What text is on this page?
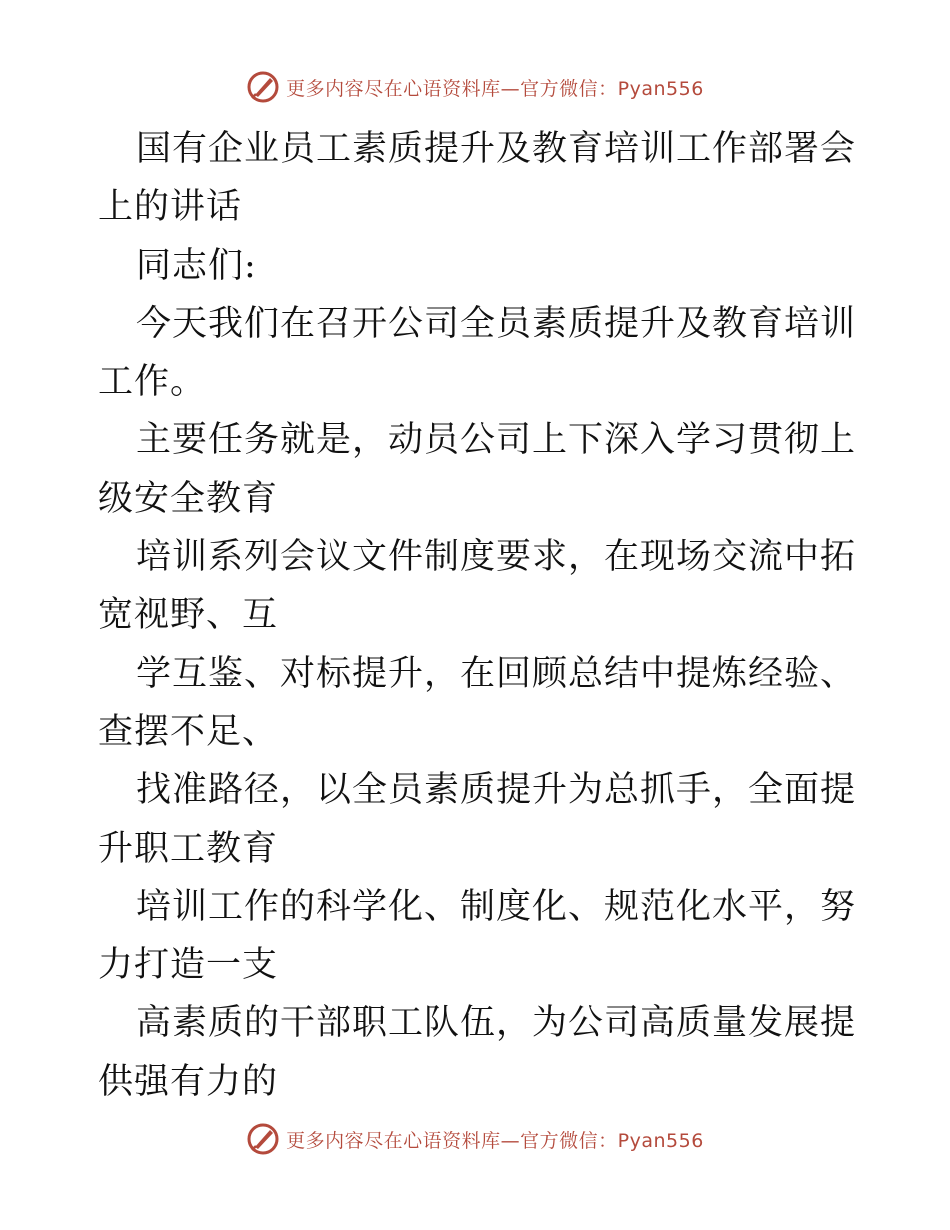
更多内容尽在心语资料库—官方微信：Pyan556

国有企业员工素质提升及教育培训工作部署会上的讲话

同志们:

今天我们在召开公司全员素质提升及教育培训工作。

主要任务就是，动员公司上下深入学习贯彻上级安全教育

培训系列会议文件制度要求，在现场交流中拓宽视野、互

学互鉴、对标提升，在回顾总结中提炼经验、查摆不足、

找准路径，以全员素质提升为总抓手，全面提升职工教育

培训工作的科学化、制度化、规范化水平，努力打造一支

高素质的干部职工队伍，为公司高质量发展提供强有力的

更多内容尽在心语资料库—官方微信：Pyan556
